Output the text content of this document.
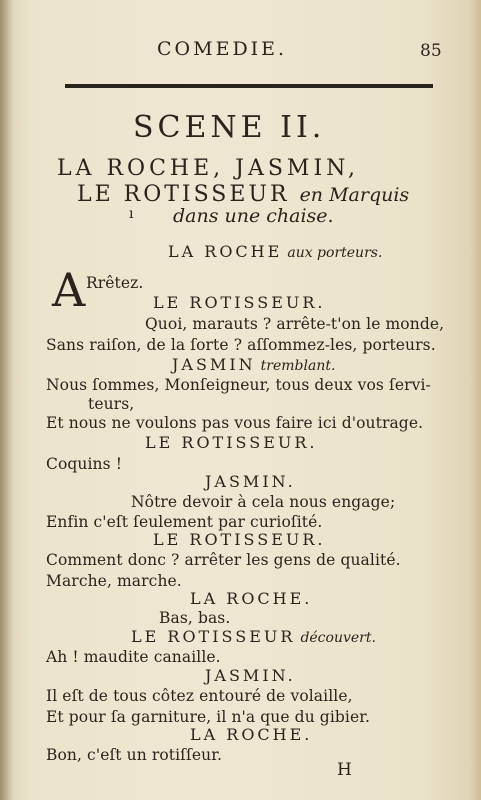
COMEDIE.	85
SCENE II.
LA ROCHE, JASMIN,
LE ROTISSEUR en Marquis
ı dans une chaise.
LA ROCHE aux porteurs.
A Rrêtez.
LE ROTISSEUR.
Quoi, marauts ? arrête-t'on le monde,
Sans raiſon, de la ſorte ? aſſommez-les, porteurs.
JASMIN tremblant.
Nous ſommes, Monſeigneur, tous deux vos ſervi-
teurs,
Et nous ne voulons pas vous faire ici d'outrage.
LE ROTISSEUR.
Coquins !
JASMIN.
Nôtre devoir à cela nous engage;
Enfin c'eſt ſeulement par curioſité.
LE ROTISSEUR.
Comment donc ? arrêter les gens de qualité.
Marche, marche.
LA ROCHE.
Bas, bas.
LE ROTISSEUR découvert.
Ah ! maudite canaille.
JASMIN.
Il eſt de tous côtez entouré de volaille,
Et pour ſa garniture, il n'a que du gibier.
LA ROCHE.
Bon, c'eſt un rotiſſeur.
H
